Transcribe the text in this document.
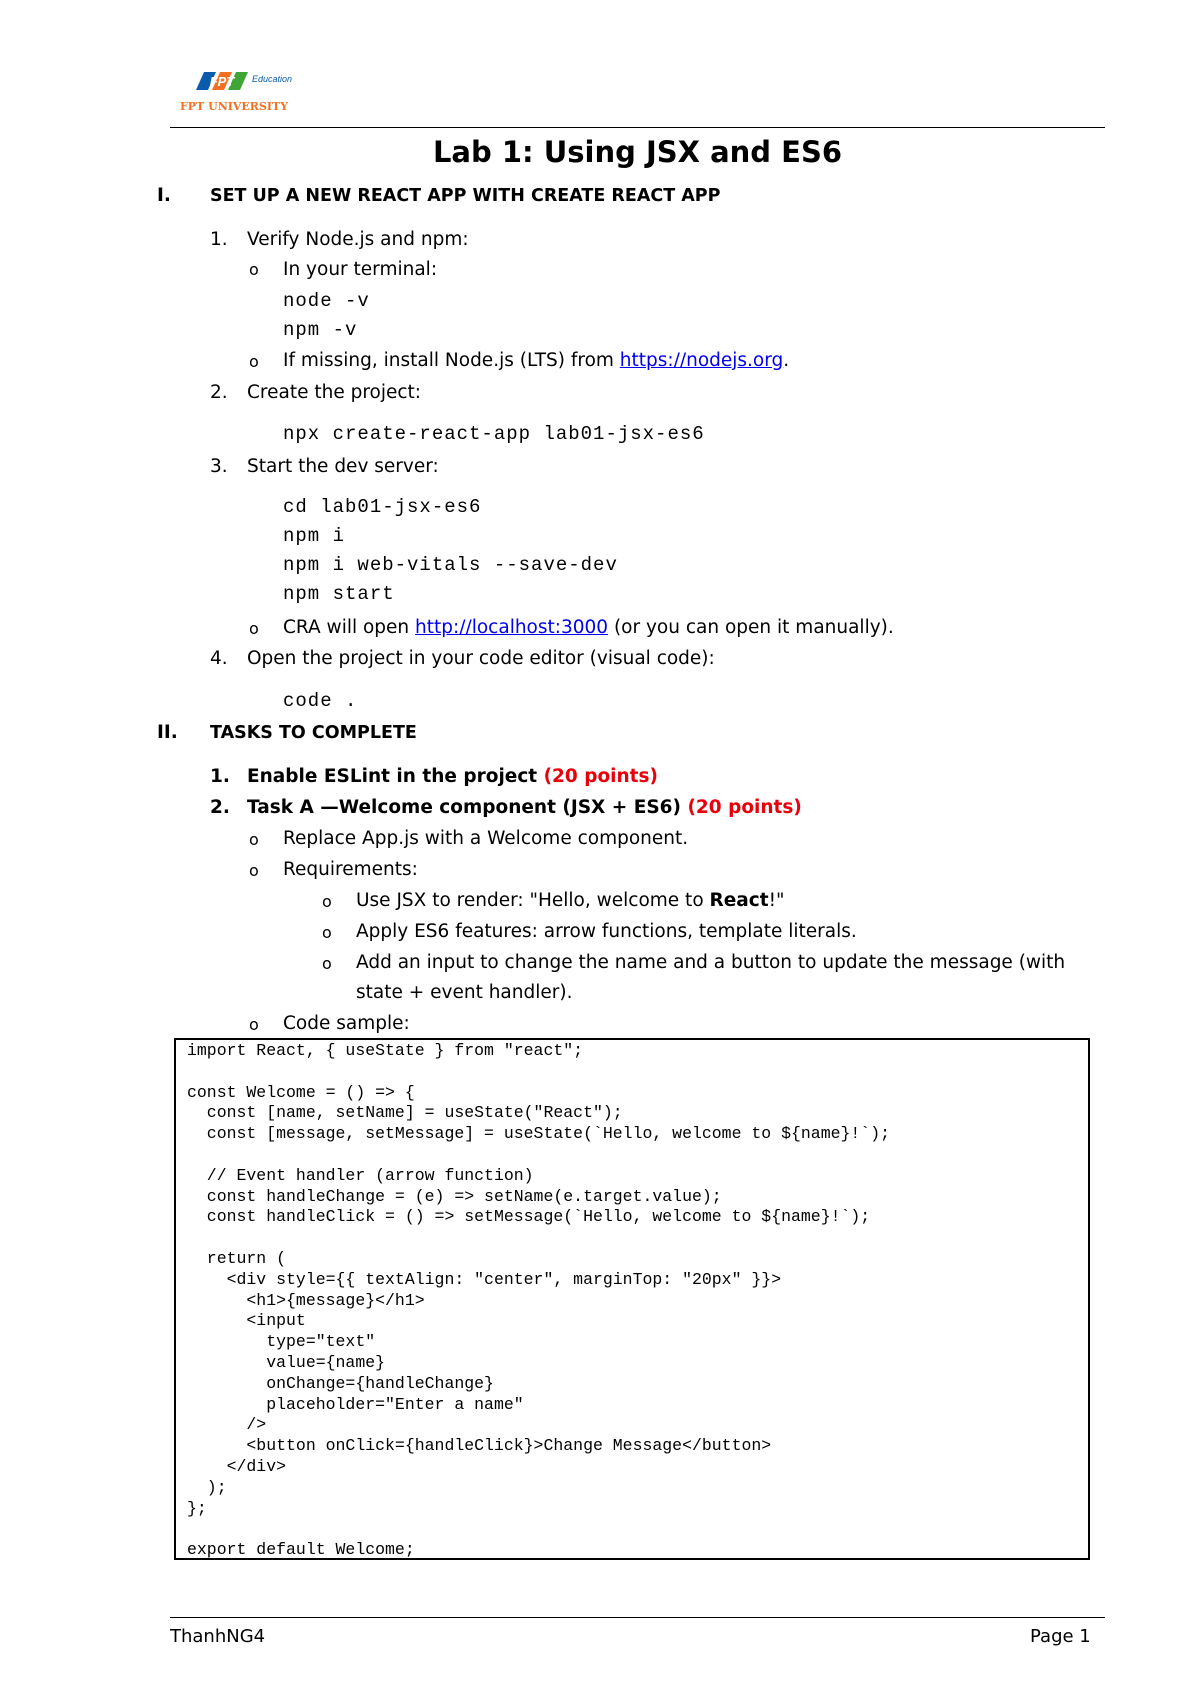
FPT Education
FPT UNIVERSITY
Lab 1: Using JSX and ES6
I. SET UP A NEW REACT APP WITH CREATE REACT APP
1. Verify Node.js and npm:
o In your terminal:
node -v
npm -v
o If missing, install Node.js (LTS) from https://nodejs.org.
2. Create the project:
npx create-react-app lab01-jsx-es6
3. Start the dev server:
cd lab01-jsx-es6
npm i
npm i web-vitals --save-dev
npm start
o CRA will open http://localhost:3000 (or you can open it manually).
4. Open the project in your code editor (visual code):
code .
II. TASKS TO COMPLETE
1. Enable ESLint in the project (20 points)
2. Task A —Welcome component (JSX + ES6) (20 points)
o Replace App.js with a Welcome component.
o Requirements:
o Use JSX to render: "Hello, welcome to React!"
o Apply ES6 features: arrow functions, template literals.
o Add an input to change the name and a button to update the message (with
state + event handler).
o Code sample:
import React, { useState } from "react";

const Welcome = () => {
const [name, setName] = useState("React");
const [message, setMessage] = useState(`Hello, welcome to ${name}!`);

// Event handler (arrow function)
const handleChange = (e) => setName(e.target.value);
const handleClick = () => setMessage(`Hello, welcome to ${name}!`);

return (
<div style={{ textAlign: "center", marginTop: "20px" }}>
<h1>{message}</h1>
<input
type="text"
value={name}
onChange={handleChange}
placeholder="Enter a name"
/>
<button onClick={handleClick}>Change Message</button>
</div>
);
};

export default Welcome;
ThanhNG4	Page 1
